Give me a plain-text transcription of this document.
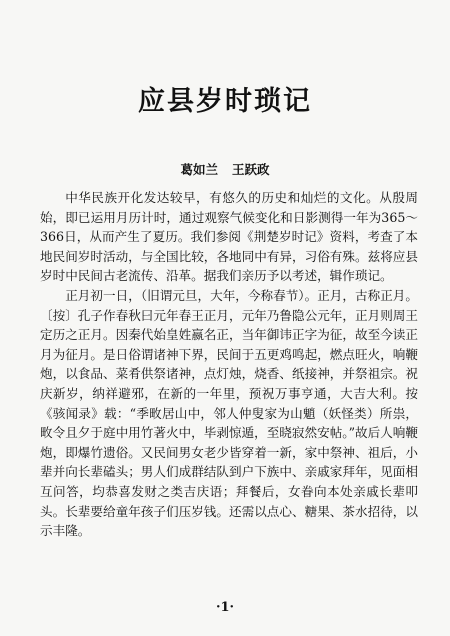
应县岁时琐记
葛如兰 王跃政

中华民族开化发达较早，有悠久的历史和灿烂的文化。从殷周始，即已运用月历计时，通过观察气候变化和日影测得一年为365～366日，从而产生了夏历。我们参阅《荆楚岁时记》资料，考查了本地民间岁时活动，与全国比较，各地同中有异，习俗有殊。兹将应县岁时中民间古老流传、沿革。据我们亲历予以考述，辑作琐记。

正月初一日，（旧谓元旦，大年，今称春节）。正月，古称正月。〔按〕孔子作春秋曰元年春王正月，元年乃鲁隐公元年，正月则周王定历之正月。因秦代始皇姓嬴名正，当年御讳正字为征，故至今读正月为征月。是日俗谓诸神下界，民间于五更鸡鸣起，燃点旺火，响鞭炮，以食品、菜肴供祭诸神，点灯烛，烧香、纸接神，并祭祖宗。祝庆新岁，纳祥避邪，在新的一年里，预祝万事亨通，大吉大利。按《骇闻录》载：“季畋居山中，邻人仲叟家为山魈（妖怪类）所祟，畋令且夕于庭中用竹著火中，毕剥惊遁，至晓寂然安帖。”故后人响鞭炮，即爆竹遗俗。又民间男女老少皆穿着一新，家中祭神、祖后，小辈并向长辈磕头；男人们成群结队到户下族中、亲戚家拜年，见面相互问答，均恭喜发财之类吉庆语；拜餐后，女眷向本处亲戚长辈叩头。长辈要给童年孩子们压岁钱。还需以点心、糖果、茶水招待，以示丰隆。

·1·
